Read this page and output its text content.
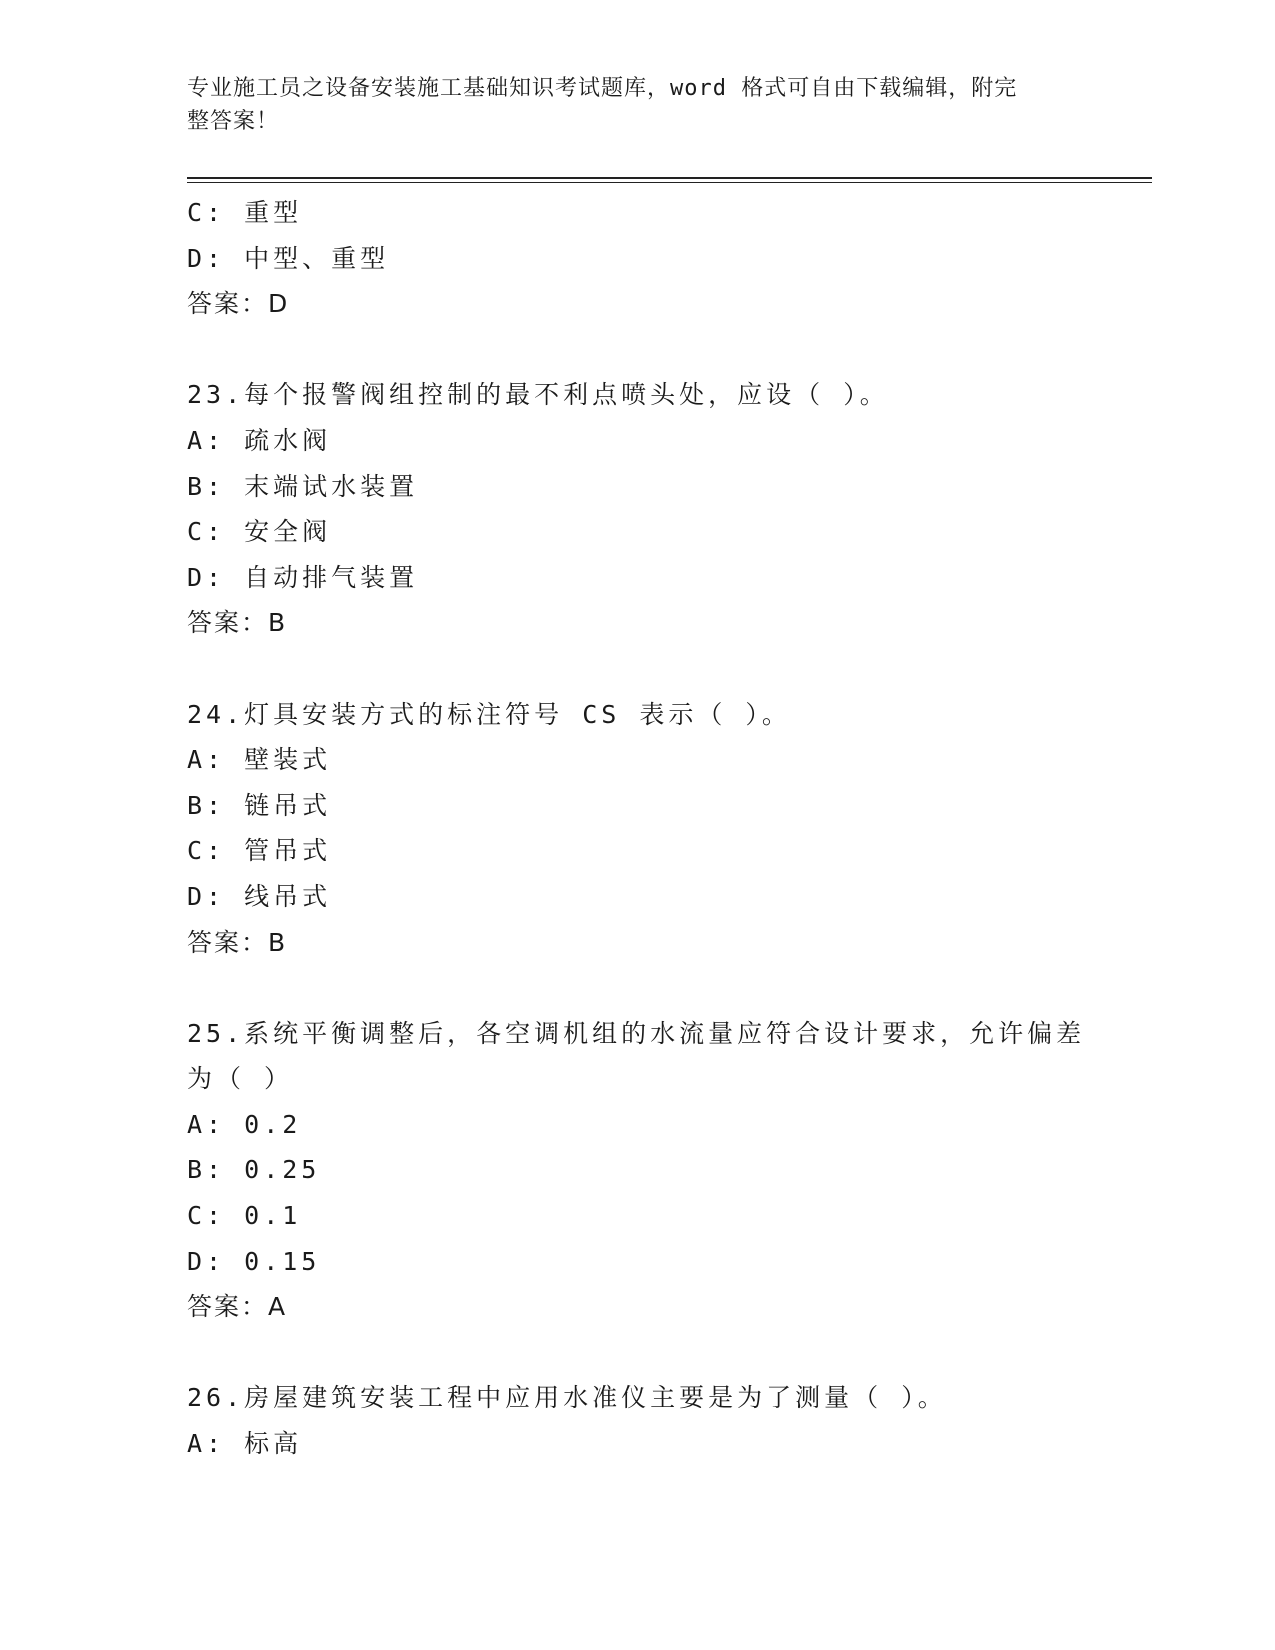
专业施工员之设备安装施工基础知识考试题库，word 格式可自由下载编辑，附完
整答案！
C: 重型
D: 中型、重型
答案：D
23.每个报警阀组控制的最不利点喷头处，应设（ ）。
A: 疏水阀
B: 末端试水装置
C: 安全阀
D: 自动排气装置
答案：B
24.灯具安装方式的标注符号 CS 表示（ ）。
A: 壁装式
B: 链吊式
C: 管吊式
D: 线吊式
答案：B
25.系统平衡调整后，各空调机组的水流量应符合设计要求，允许偏差
为（ ）
A: 0.2
B: 0.25
C: 0.1
D: 0.15
答案：A
26.房屋建筑安装工程中应用水准仪主要是为了测量（ ）。
A: 标高
